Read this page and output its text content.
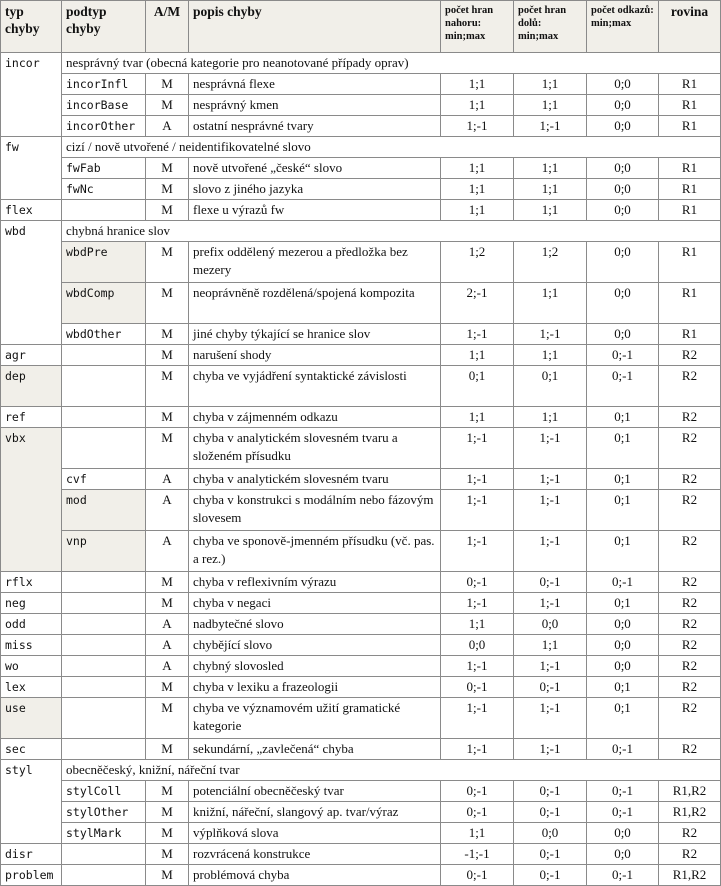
typ chyby	podtyp chyby	A/M	popis chyby	počet hran nahoru: min;max	počet hran dolů: min;max	počet odkazů: min;max	rovina
incor	nesprávný tvar (obecná kategorie pro neanotované případy oprav)						
	incorInfl	M	nesprávná flexe	1;1	1;1	0;0	R1
	incorBase	M	nesprávný kmen	1;1	1;1	0;0	R1
	incorOther	A	ostatní nesprávné tvary	1;-1	1;-1	0;0	R1
fw	cizí / nově utvořené / neidentifikovatelné slovo						
	fwFab	M	nově utvořené „české“ slovo	1;1	1;1	0;0	R1
	fwNc	M	slovo z jiného jazyka	1;1	1;1	0;0	R1
flex		M	flexe u výrazů fw	1;1	1;1	0;0	R1
wbd	chybná hranice slov						
	wbdPre	M	prefix oddělený mezerou a předložka bez mezery	1;2	1;2	0;0	R1
	wbdComp	M	neoprávněně rozdělená/spojená kompozita	2;-1	1;1	0;0	R1
	wbdOther	M	jiné chyby týkající se hranice slov	1;-1	1;-1	0;0	R1
agr		M	narušení shody	1;1	1;1	0;-1	R2
dep		M	chyba ve vyjádření syntaktické závislosti	0;1	0;1	0;-1	R2
ref		M	chyba v zájmenném odkazu	1;1	1;1	0;1	R2
vbx		M	chyba v analytickém slovesném tvaru a složeném přísudku	1;-1	1;-1	0;1	R2
	cvf	A	chyba v analytickém slovesném tvaru	1;-1	1;-1	0;1	R2
	mod	A	chyba v konstrukci s modálním nebo fázovým slovesem	1;-1	1;-1	0;1	R2
	vnp	A	chyba ve sponově-jmenném přísudku (vč. pas. a rez.)	1;-1	1;-1	0;1	R2
rflx		M	chyba v reflexivním výrazu	0;-1	0;-1	0;-1	R2
neg		M	chyba v negaci	1;-1	1;-1	0;1	R2
odd		A	nadbytečné slovo	1;1	0;0	0;0	R2
miss		A	chybějící slovo	0;0	1;1	0;0	R2
wo		A	chybný slovosled	1;-1	1;-1	0;0	R2
lex		M	chyba v lexiku a frazeologii	0;-1	0;-1	0;1	R2
use		M	chyba ve významovém užití gramatické kategorie	1;-1	1;-1	0;1	R2
sec		M	sekundární, „zavlečená“ chyba	1;-1	1;-1	0;-1	R2
styl	obecněčeský, knižní, nářeční tvar						
	stylColl	M	potenciální obecněčeský tvar	0;-1	0;-1	0;-1	R1,R2
	stylOther	M	knižní, nářeční, slangový ap. tvar/výraz	0;-1	0;-1	0;-1	R1,R2
	stylMark	M	výplňková slova	1;1	0;0	0;0	R2
disr		M	rozvrácená konstrukce	-1;-1	0;-1	0;0	R2
problem		M	problémová chyba	0;-1	0;-1	0;-1	R1,R2
